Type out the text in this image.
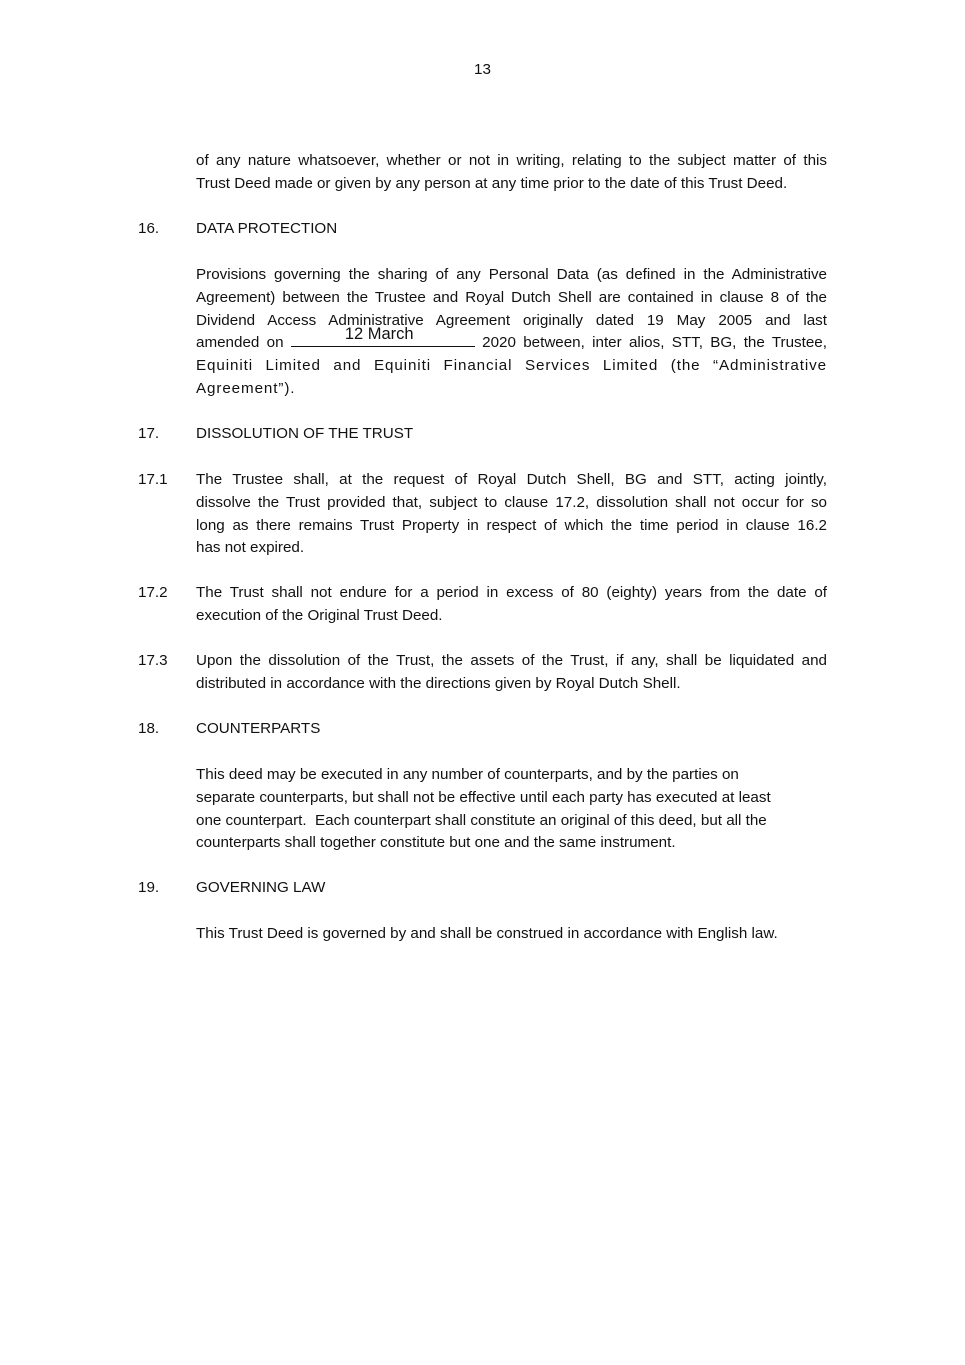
13
of any nature whatsoever, whether or not in writing, relating to the subject matter of this
Trust Deed made or given by any person at any time prior to the date of this Trust Deed.
16. DATA PROTECTION
Provisions governing the sharing of any Personal Data (as defined in the Administrative
Agreement) between the Trustee and Royal Dutch Shell are contained in clause 8 of the
Dividend Access Administrative Agreement originally dated 19 May 2005 and last
amended on	12 March	2020 between, inter alios, STT, BG, the Trustee,
Equiniti Limited and Equiniti Financial Services Limited (the “Administrative
Agreement”).
17. DISSOLUTION OF THE TRUST
17.1 The Trustee shall, at the request of Royal Dutch Shell, BG and STT, acting jointly,
dissolve the Trust provided that, subject to clause 17.2, dissolution shall not occur for so
long as there remains Trust Property in respect of which the time period in clause 16.2
has not expired.
17.2 The Trust shall not endure for a period in excess of 80 (eighty) years from the date of
execution of the Original Trust Deed.
17.3 Upon the dissolution of the Trust, the assets of the Trust, if any, shall be liquidated and
distributed in accordance with the directions given by Royal Dutch Shell.
18. COUNTERPARTS
This deed may be executed in any number of counterparts, and by the parties on
separate counterparts, but shall not be effective until each party has executed at least
one counterpart.  Each counterpart shall constitute an original of this deed, but all the
counterparts shall together constitute but one and the same instrument.
19. GOVERNING LAW
This Trust Deed is governed by and shall be construed in accordance with English law.
